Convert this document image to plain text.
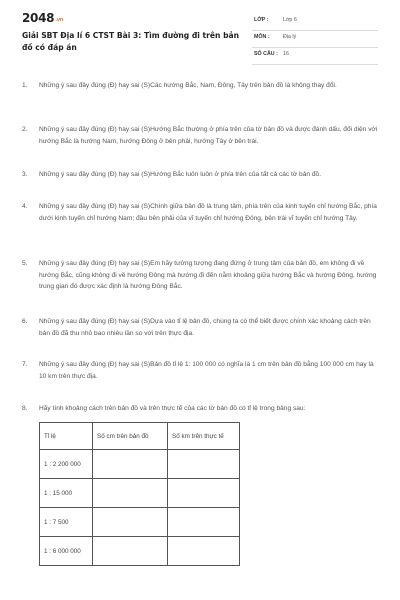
2048.vn
Giải SBT Địa lí 6 CTST Bài 3: Tìm đường đi trên bản đồ có đáp án
LỚP :	Lớp 6
MÔN :	Địa lý
SỐ CÂU : 16
1. Những ý sau đây đúng (Đ) hay sai (S)Các hướng Bắc, Nam, Đông, Tây trên bản đồ là không thay đổi.
2. Những ý sau đây đúng (Đ) hay sai (S)Hướng Bắc thường ở phía trên của tờ bản đồ và được đánh dấu, đối diện với hướng Bắc là hướng Nam, hướng Đông ở bên phải, hướng Tây ở bên trái.
3. Những ý sau đây đúng (Đ) hay sai (S)Hướng Bắc luôn luôn ở phía trên của tất cả các tờ bản đồ.
4. Những ý sau đây đúng (Đ) hay sai (S)Chính giữa bản đồ là trung tâm, phía trên của kinh tuyến chỉ hướng Bắc, phía dưới kinh tuyến chỉ hướng Nam; đầu bên phải của vĩ tuyến chỉ hướng Đông, bên trái vĩ tuyến chỉ hướng Tây.
5. Những ý sau đây đúng (Đ) hay sai (S)Em hãy tưởng tượng đang đứng ở trung tâm của bản đồ, em không đi về hướng Bắc, cũng không đi về hướng Đông mà hướng đi đến nằm khoảng giữa hướng Bắc và hướng Đông, hướng trung gian đó được xác định là hướng Đông Bắc.
6. Những ý sau đây đúng (Đ) hay sai (S)Dựa vào tỉ lệ bản đồ, chúng ta có thể biết được chính xác khoảng cách trên bản đồ đã thu nhỏ bao nhiêu lần so với trên thực địa.
7. Những ý sau đây đúng (Đ) hay sai (S)Bản đồ tỉ lệ 1: 100 000 có nghĩa là 1 cm trên bản đồ bằng 100 000 cm hay là 10 km trên thực địa.
8. Hãy tính khoảng cách trên bản đồ và trên thực tế của các tờ bản đồ có tỉ lệ trong bảng sau:
Tỉ lệ	Số cm trên bản đồ	Số km trên thực tế
1 : 2 200 000		
1 : 15 000		
1 : 7 500		
1 : 6 000 000		
